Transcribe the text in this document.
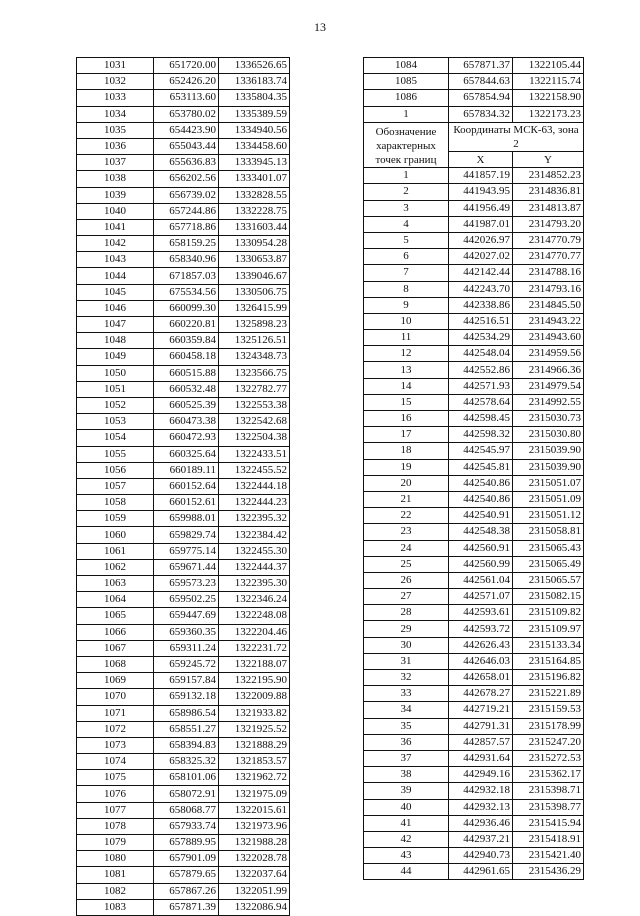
13
1031	651720.00	1336526.65
1032	652426.20	1336183.74
1033	653113.60	1335804.35
1034	653780.02	1335389.59
1035	654423.90	1334940.56
1036	655043.44	1334458.60
1037	655636.83	1333945.13
1038	656202.56	1333401.07
1039	656739.02	1332828.55
1040	657244.86	1332228.75
1041	657718.86	1331603.44
1042	658159.25	1330954.28
1043	658340.96	1330653.87
1044	671857.03	1339046.67
1045	675534.56	1330506.75
1046	660099.30	1326415.99
1047	660220.81	1325898.23
1048	660359.84	1325126.51
1049	660458.18	1324348.73
1050	660515.88	1323566.75
1051	660532.48	1322782.77
1052	660525.39	1322553.38
1053	660473.38	1322542.68
1054	660472.93	1322504.38
1055	660325.64	1322433.51
1056	660189.11	1322455.52
1057	660152.64	1322444.18
1058	660152.61	1322444.23
1059	659988.01	1322395.32
1060	659829.74	1322384.42
1061	659775.14	1322455.30
1062	659671.44	1322444.37
1063	659573.23	1322395.30
1064	659502.25	1322346.24
1065	659447.69	1322248.08
1066	659360.35	1322204.46
1067	659311.24	1322231.72
1068	659245.72	1322188.07
1069	659157.84	1322195.90
1070	659132.18	1322009.88
1071	658986.54	1321933.82
1072	658551.27	1321925.52
1073	658394.83	1321888.29
1074	658325.32	1321853.57
1075	658101.06	1321962.72
1076	658072.91	1321975.09
1077	658068.77	1322015.61
1078	657933.74	1321973.96
1079	657889.95	1321988.28
1080	657901.09	1322028.78
1081	657879.65	1322037.64
1082	657867.26	1322051.99
1083	657871.39	1322086.94
1084	657871.37	1322105.44
1085	657844.63	1322115.74
1086	657854.94	1322158.90
1	657834.32	1322173.23
Обозначение характерных точек границ	Координаты МСК-63, зона 2	
	X	Y
1	441857.19	2314852.23
2	441943.95	2314836.81
3	441956.49	2314813.87
4	441987.01	2314793.20
5	442026.97	2314770.79
6	442027.02	2314770.77
7	442142.44	2314788.16
8	442243.70	2314793.16
9	442338.86	2314845.50
10	442516.51	2314943.22
11	442534.29	2314943.60
12	442548.04	2314959.56
13	442552.86	2314966.36
14	442571.93	2314979.54
15	442578.64	2314992.55
16	442598.45	2315030.73
17	442598.32	2315030.80
18	442545.97	2315039.90
19	442545.81	2315039.90
20	442540.86	2315051.07
21	442540.86	2315051.09
22	442540.91	2315051.12
23	442548.38	2315058.81
24	442560.91	2315065.43
25	442560.99	2315065.49
26	442561.04	2315065.57
27	442571.07	2315082.15
28	442593.61	2315109.82
29	442593.72	2315109.97
30	442626.43	2315133.34
31	442646.03	2315164.85
32	442658.01	2315196.82
33	442678.27	2315221.89
34	442719.21	2315159.53
35	442791.31	2315178.99
36	442857.57	2315247.20
37	442931.64	2315272.53
38	442949.16	2315362.17
39	442932.18	2315398.71
40	442932.13	2315398.77
41	442936.46	2315415.94
42	442937.21	2315418.91
43	442940.73	2315421.40
44	442961.65	2315436.29
